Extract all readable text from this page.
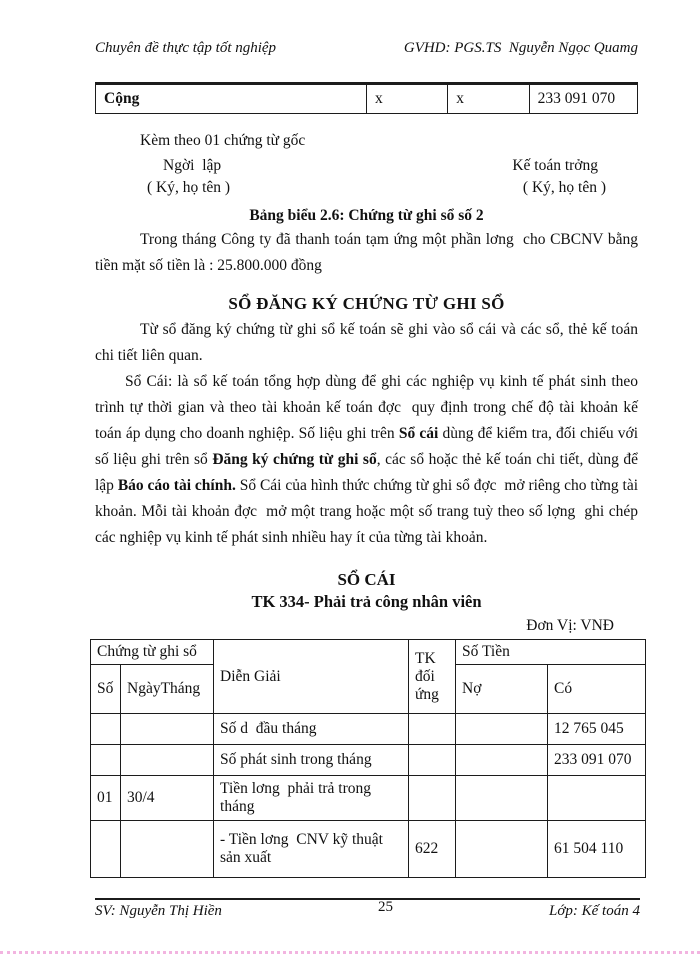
Chuyên đề thực tập tốt nghiệp	GVHD: PGS.TS  Nguyễn Ngọc Quamg
Cộng	x	x	233 091 070
Kèm theo 01 chứng từ gốc
Ngời  lập	Kế toán trởng
( Ký, họ tên )	( Ký, họ tên )
Bảng biểu 2.6: Chứng từ ghi sổ số 2

Trong tháng Công ty đã thanh toán tạm ứng một phần lơng  cho CBCNV bằng tiền mặt số tiền là : 25.800.000 đồng

SỔ ĐĂNG KÝ CHỨNG TỪ GHI SỔ

Từ sổ đăng ký chứng từ ghi sổ kế toán sẽ ghi vào sổ cái và các sổ, thẻ kế toán chi tiết liên quan.

Sổ Cái: là sổ kế toán tổng hợp dùng để ghi các nghiệp vụ kinh tế phát sinh theo trình tự thời gian và theo tài khoản kế toán đợc  quy định trong chế độ tài khoản kế toán áp dụng cho doanh nghiệp. Số liệu ghi trên Sổ cái dùng để kiểm tra, đối chiếu với số liệu ghi trên sổ Đăng ký chứng từ ghi sổ, các sổ hoặc thẻ kế toán chi tiết, dùng để lập Báo cáo tài chính. Sổ Cái của hình thức chứng từ ghi sổ đợc  mở riêng cho từng tài khoản. Mỗi tài khoản đợc  mở một trang hoặc một số trang tuỳ theo số lợng  ghi chép các nghiệp vụ kinh tế phát sinh nhiều hay ít của từng tài khoản.

SỔ CÁI
TK 334- Phải trả công nhân viên
Đơn Vị: VNĐ
Chứng từ ghi sổ		Diễn Giải	TK đối ứng	Số Tiền	
Số	NgàyTháng			Nợ	Có
		Số d  đầu tháng			12 765 045
		Số phát sinh trong tháng			233 091 070
01	30/4	Tiền lơng  phải trả trong tháng			
		- Tiền lơng  CNV kỹ thuật sản xuất	622		61 504 110
SV: Nguyễn Thị Hiền	25	Lớp: Kế toán 4
